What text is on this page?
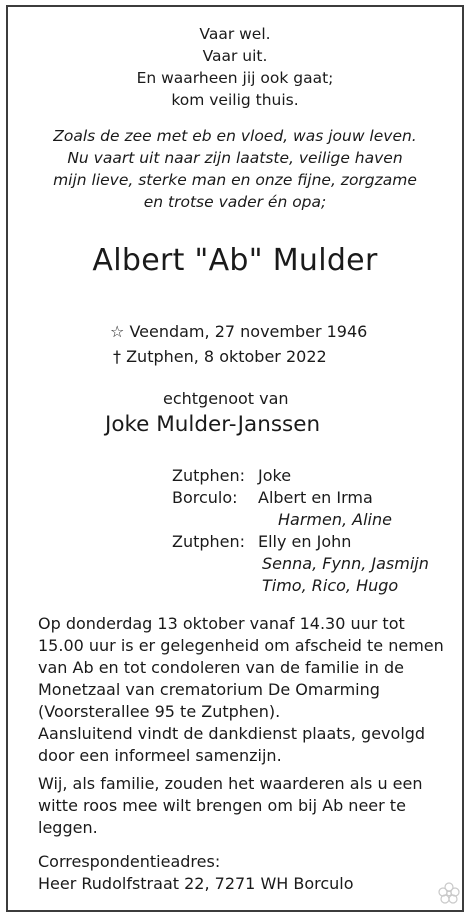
Vaar wel.
Vaar uit.
En waarheen jij ook gaat;
kom veilig thuis.
Zoals de zee met eb en vloed, was jouw leven.
Nu vaart uit naar zijn laatste, veilige haven
mijn lieve, sterke man en onze fijne, zorgzame
en trotse vader én opa;
Albert "Ab" Mulder
☆ Veendam, 27 november 1946
† Zutphen, 8 oktober 2022
echtgenoot van
Joke Mulder-Janssen
Zutphen: Joke
Borculo: Albert en Irma
Harmen, Aline
Zutphen: Elly en John
Senna, Fynn, Jasmijn
Timo, Rico, Hugo
Op donderdag 13 oktober vanaf 14.30 uur tot
15.00 uur is er gelegenheid om afscheid te nemen
van Ab en tot condoleren van de familie in de
Monetzaal van crematorium De Omarming
(Voorsterallee 95 te Zutphen).
Aansluitend vindt de dankdienst plaats, gevolgd
door een informeel samenzijn.
Wij, als familie, zouden het waarderen als u een
witte roos mee wilt brengen om bij Ab neer te
leggen.
Correspondentieadres:
Heer Rudolfstraat 22, 7271 WH Borculo
